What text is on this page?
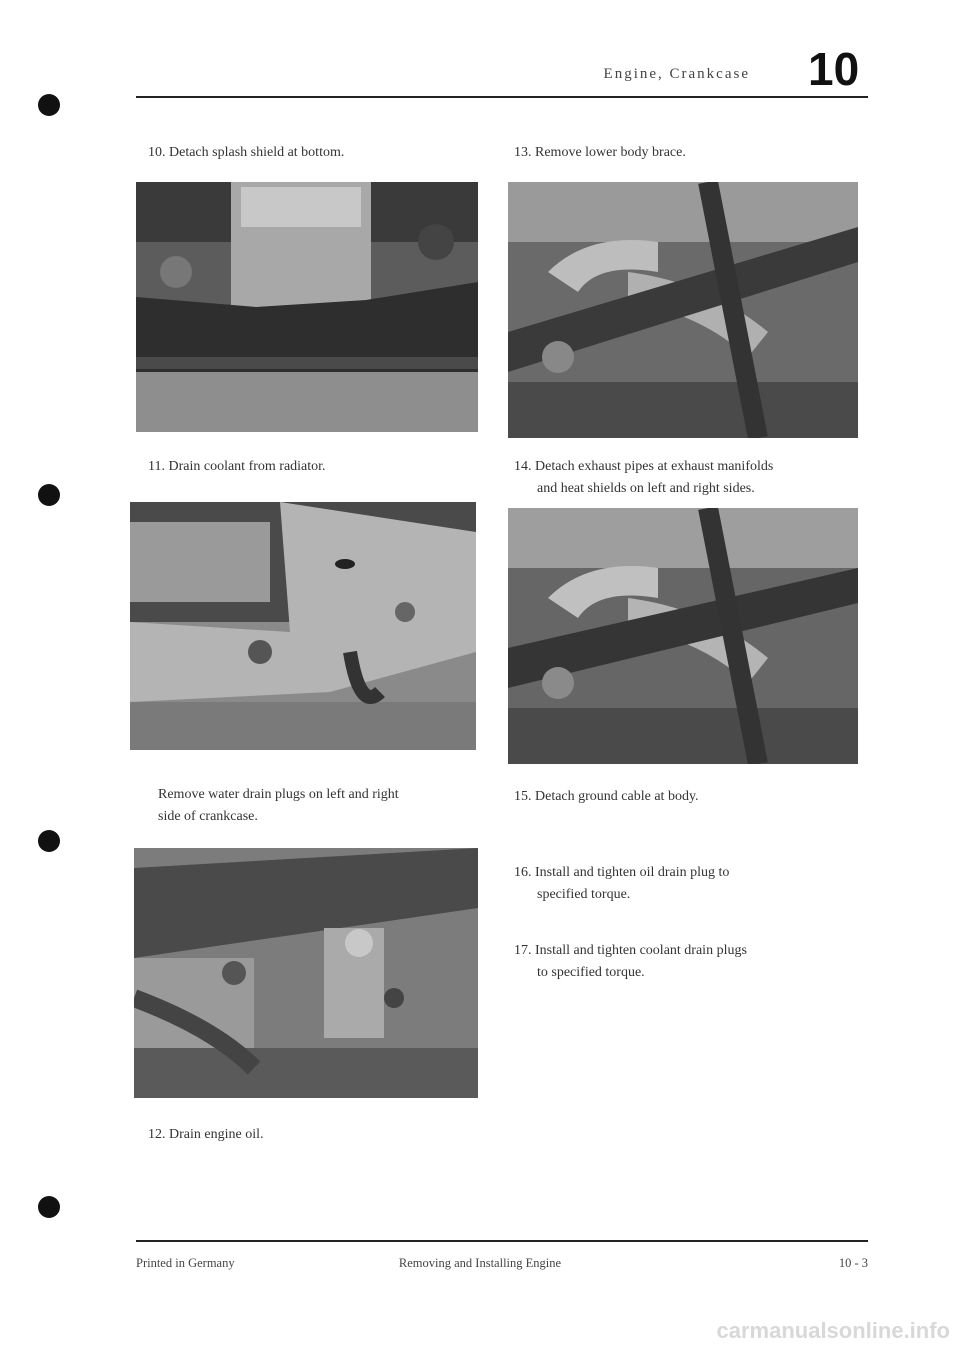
Engine, Crankcase 10
10. Detach splash shield at bottom.
11. Drain coolant from radiator.
Remove water drain plugs on left and right
side of crankcase.
12. Drain engine oil.
13. Remove lower body brace.
14. Detach exhaust pipes at exhaust manifolds
and heat shields on left and right sides.
15. Detach ground cable at body.
16. Install and tighten oil drain plug to
specified torque.
17. Install and tighten coolant drain plugs
to specified torque.
Printed in Germany	Removing and Installing Engine	10 - 3
carmanualsonline.info
